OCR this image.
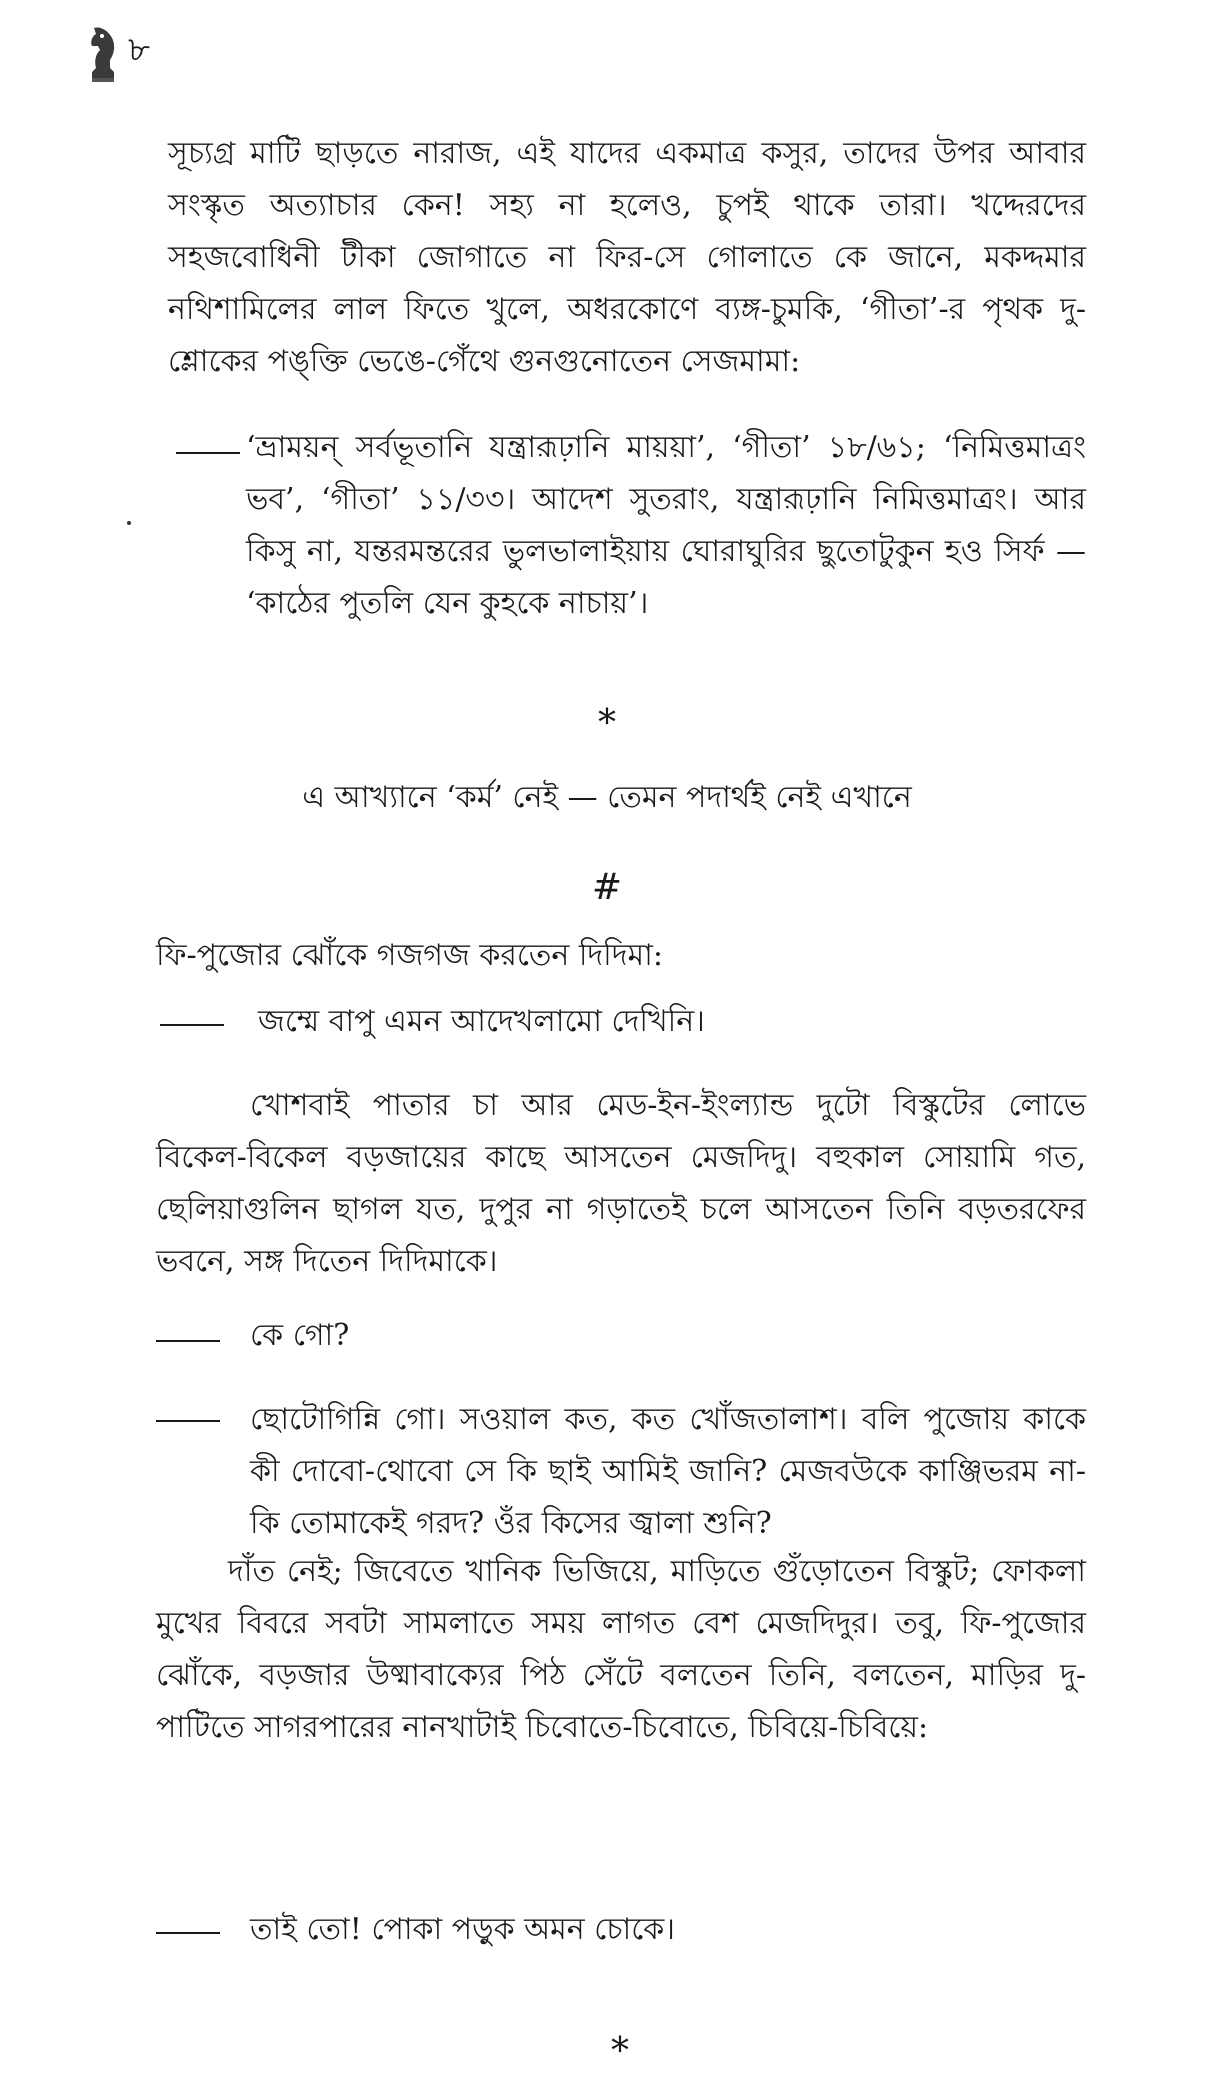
৮
সূচ্যগ্র মাটি ছাড়তে নারাজ, এই যাদের একমাত্র কসুর, তাদের উপর আবার সংস্কৃত অত্যাচার কেন! সহ্য না হলেও, চুপই থাকে তারা। খদ্দেরদের সহজবোধিনী টীকা জোগাতে না ফির-সে গোলাতে কে জানে, মকদ্দমার নথিশামিলের লাল ফিতে খুলে, অধরকোণে ব্যঙ্গ-চুমকি, ‘গীতা’-র পৃথক দু-শ্লোকের পঙ্‌ক্তি ভেঙে-গেঁথে গুনগুনোতেন সেজমামা:
‘ভ্রাময়ন্ সর্বভূতানি যন্ত্রারূঢ়ানি মায়য়া’, ‘গীতা’ ১৮/৬১; ‘নিমিত্তমাত্রং ভব’, ‘গীতা’ ১১/৩৩। আদেশ সুতরাং, যন্ত্রারূঢ়ানি নিমিত্তমাত্রং। আর কিসু না, যন্তরমন্তরের ভুলভালাইয়ায় ঘোরাঘুরির ছুতোটুকুন হও সির্ফ — ‘কাঠের পুতলি যেন কুহকে নাচায়’।
*
এ আখ্যানে ‘কর্ম’ নেই — তেমন পদার্থই নেই এখানে
#
ফি-পুজোর ঝোঁকে গজগজ করতেন দিদিমা:
জম্মে বাপু এমন আদেখলামো দেখিনি।
খোশবাই পাতার চা আর মেড-ইন-ইংল্যান্ড দুটো বিস্কুটের লোভে বিকেল-বিকেল বড়জায়ের কাছে আসতেন মেজদিদু। বহুকাল সোয়ামি গত, ছেলিয়াগুলিন ছাগল যত, দুপুর না গড়াতেই চলে আসতেন তিনি বড়তরফের ভবনে, সঙ্গ দিতেন দিদিমাকে।
কে গো?
ছোটোগিন্নি গো। সওয়াল কত, কত খোঁজতালাশ। বলি পুজোয় কাকে কী দোবো-থোবো সে কি ছাই আমিই জানি? মেজবউকে কাঞ্জিভরম না-কি তোমাকেই গরদ? ওঁর কিসের জ্বালা শুনি?
দাঁত নেই; জিবেতে খানিক ভিজিয়ে, মাড়িতে গুঁড়োতেন বিস্কুট; ফোকলা মুখের বিবরে সবটা সামলাতে সময় লাগত বেশ মেজদিদুর। তবু, ফি-পুজোর ঝোঁকে, বড়জার উষ্মাবাক্যের পিঠ সেঁটে বলতেন তিনি, বলতেন, মাড়ির দু-পাটিতে সাগরপারের নানখাটাই চিবোতে-চিবোতে, চিবিয়ে-চিবিয়ে:
তাই তো! পোকা পড়ুক অমন চোকে।
*
